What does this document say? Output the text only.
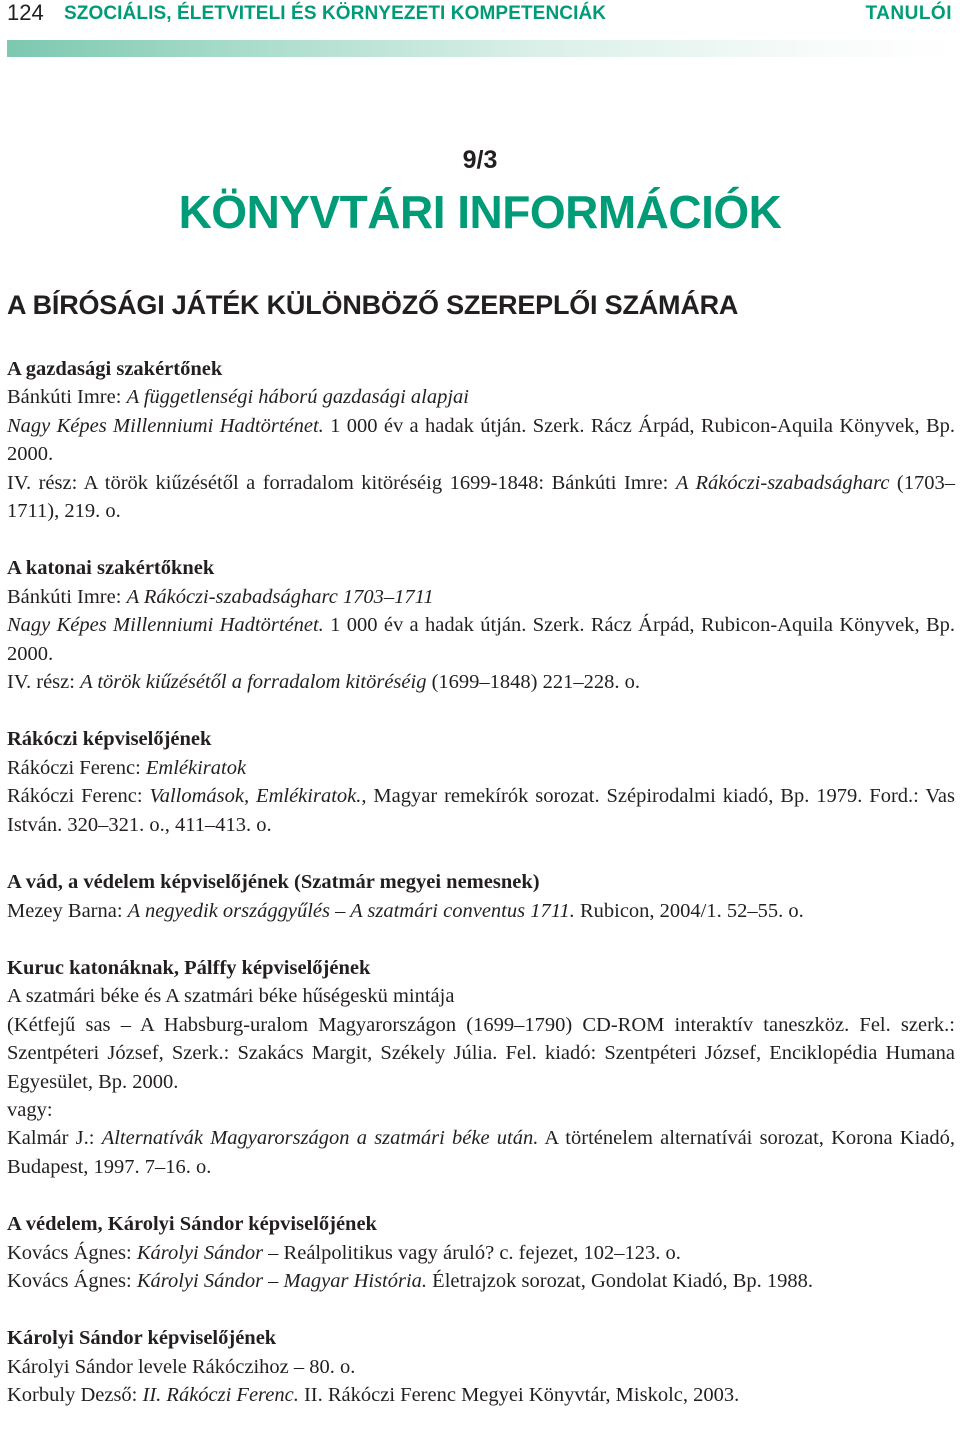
124 SZOCIÁLIS, ÉLETVITELI ÉS KÖRNYEZETI KOMPETENCIÁK	TANULÓI
9/3
KÖNYVTÁRI INFORMÁCIÓK
A BÍRÓSÁGI JÁTÉK KÜLÖNBÖZŐ SZEREPLŐI SZÁMÁRA
A gazdasági szakértőnek
Bánkúti Imre: A függetlenségi háború gazdasági alapjai
Nagy Képes Millenniumi Hadtörténet. 1 000 év a hadak útján. Szerk. Rácz Árpád, Rubicon-Aquila Könyvek, Bp. 2000.
IV. rész: A török kiűzésétől a forradalom kitöréséig 1699-1848: Bánkúti Imre: A Rákóczi-szabadságharc (1703–1711), 219. o.
A katonai szakértőknek
Bánkúti Imre: A Rákóczi-szabadságharc 1703–1711
Nagy Képes Millenniumi Hadtörténet. 1 000 év a hadak útján. Szerk. Rácz Árpád, Rubicon-Aquila Könyvek, Bp. 2000.
IV. rész: A török kiűzésétől a forradalom kitöréséig (1699–1848) 221–228. o.
Rákóczi képviselőjének
Rákóczi Ferenc: Emlékiratok
Rákóczi Ferenc: Vallomások, Emlékiratok., Magyar remekírók sorozat. Szépirodalmi kiadó, Bp. 1979. Ford.: Vas István. 320–321. o., 411–413. o.
A vád, a védelem képviselőjének (Szatmár megyei nemesnek)
Mezey Barna: A negyedik országgyűlés – A szatmári conventus 1711. Rubicon, 2004/1. 52–55. o.
Kuruc katonáknak, Pálffy képviselőjének
A szatmári béke és A szatmári béke hűségeskü mintája
(Kétfejű sas – A Habsburg-uralom Magyarországon (1699–1790) CD-ROM interaktív taneszköz. Fel. szerk.: Szentpéteri József, Szerk.: Szakács Margit, Székely Júlia. Fel. kiadó: Szentpéteri József, Enciklopédia Humana Egyesület, Bp. 2000.
vagy:
Kalmár J.: Alternatívák Magyarországon a szatmári béke után. A történelem alternatívái sorozat, Korona Kiadó, Budapest, 1997. 7–16. o.
A védelem, Károlyi Sándor képviselőjének
Kovács Ágnes: Károlyi Sándor – Reálpolitikus vagy áruló? c. fejezet, 102–123. o.
Kovács Ágnes: Károlyi Sándor – Magyar História. Életrajzok sorozat, Gondolat Kiadó, Bp. 1988.
Károlyi Sándor képviselőjének
Károlyi Sándor levele Rákóczihoz – 80. o.
Korbuly Dezső: II. Rákóczi Ferenc. II. Rákóczi Ferenc Megyei Könyvtár, Miskolc, 2003.
